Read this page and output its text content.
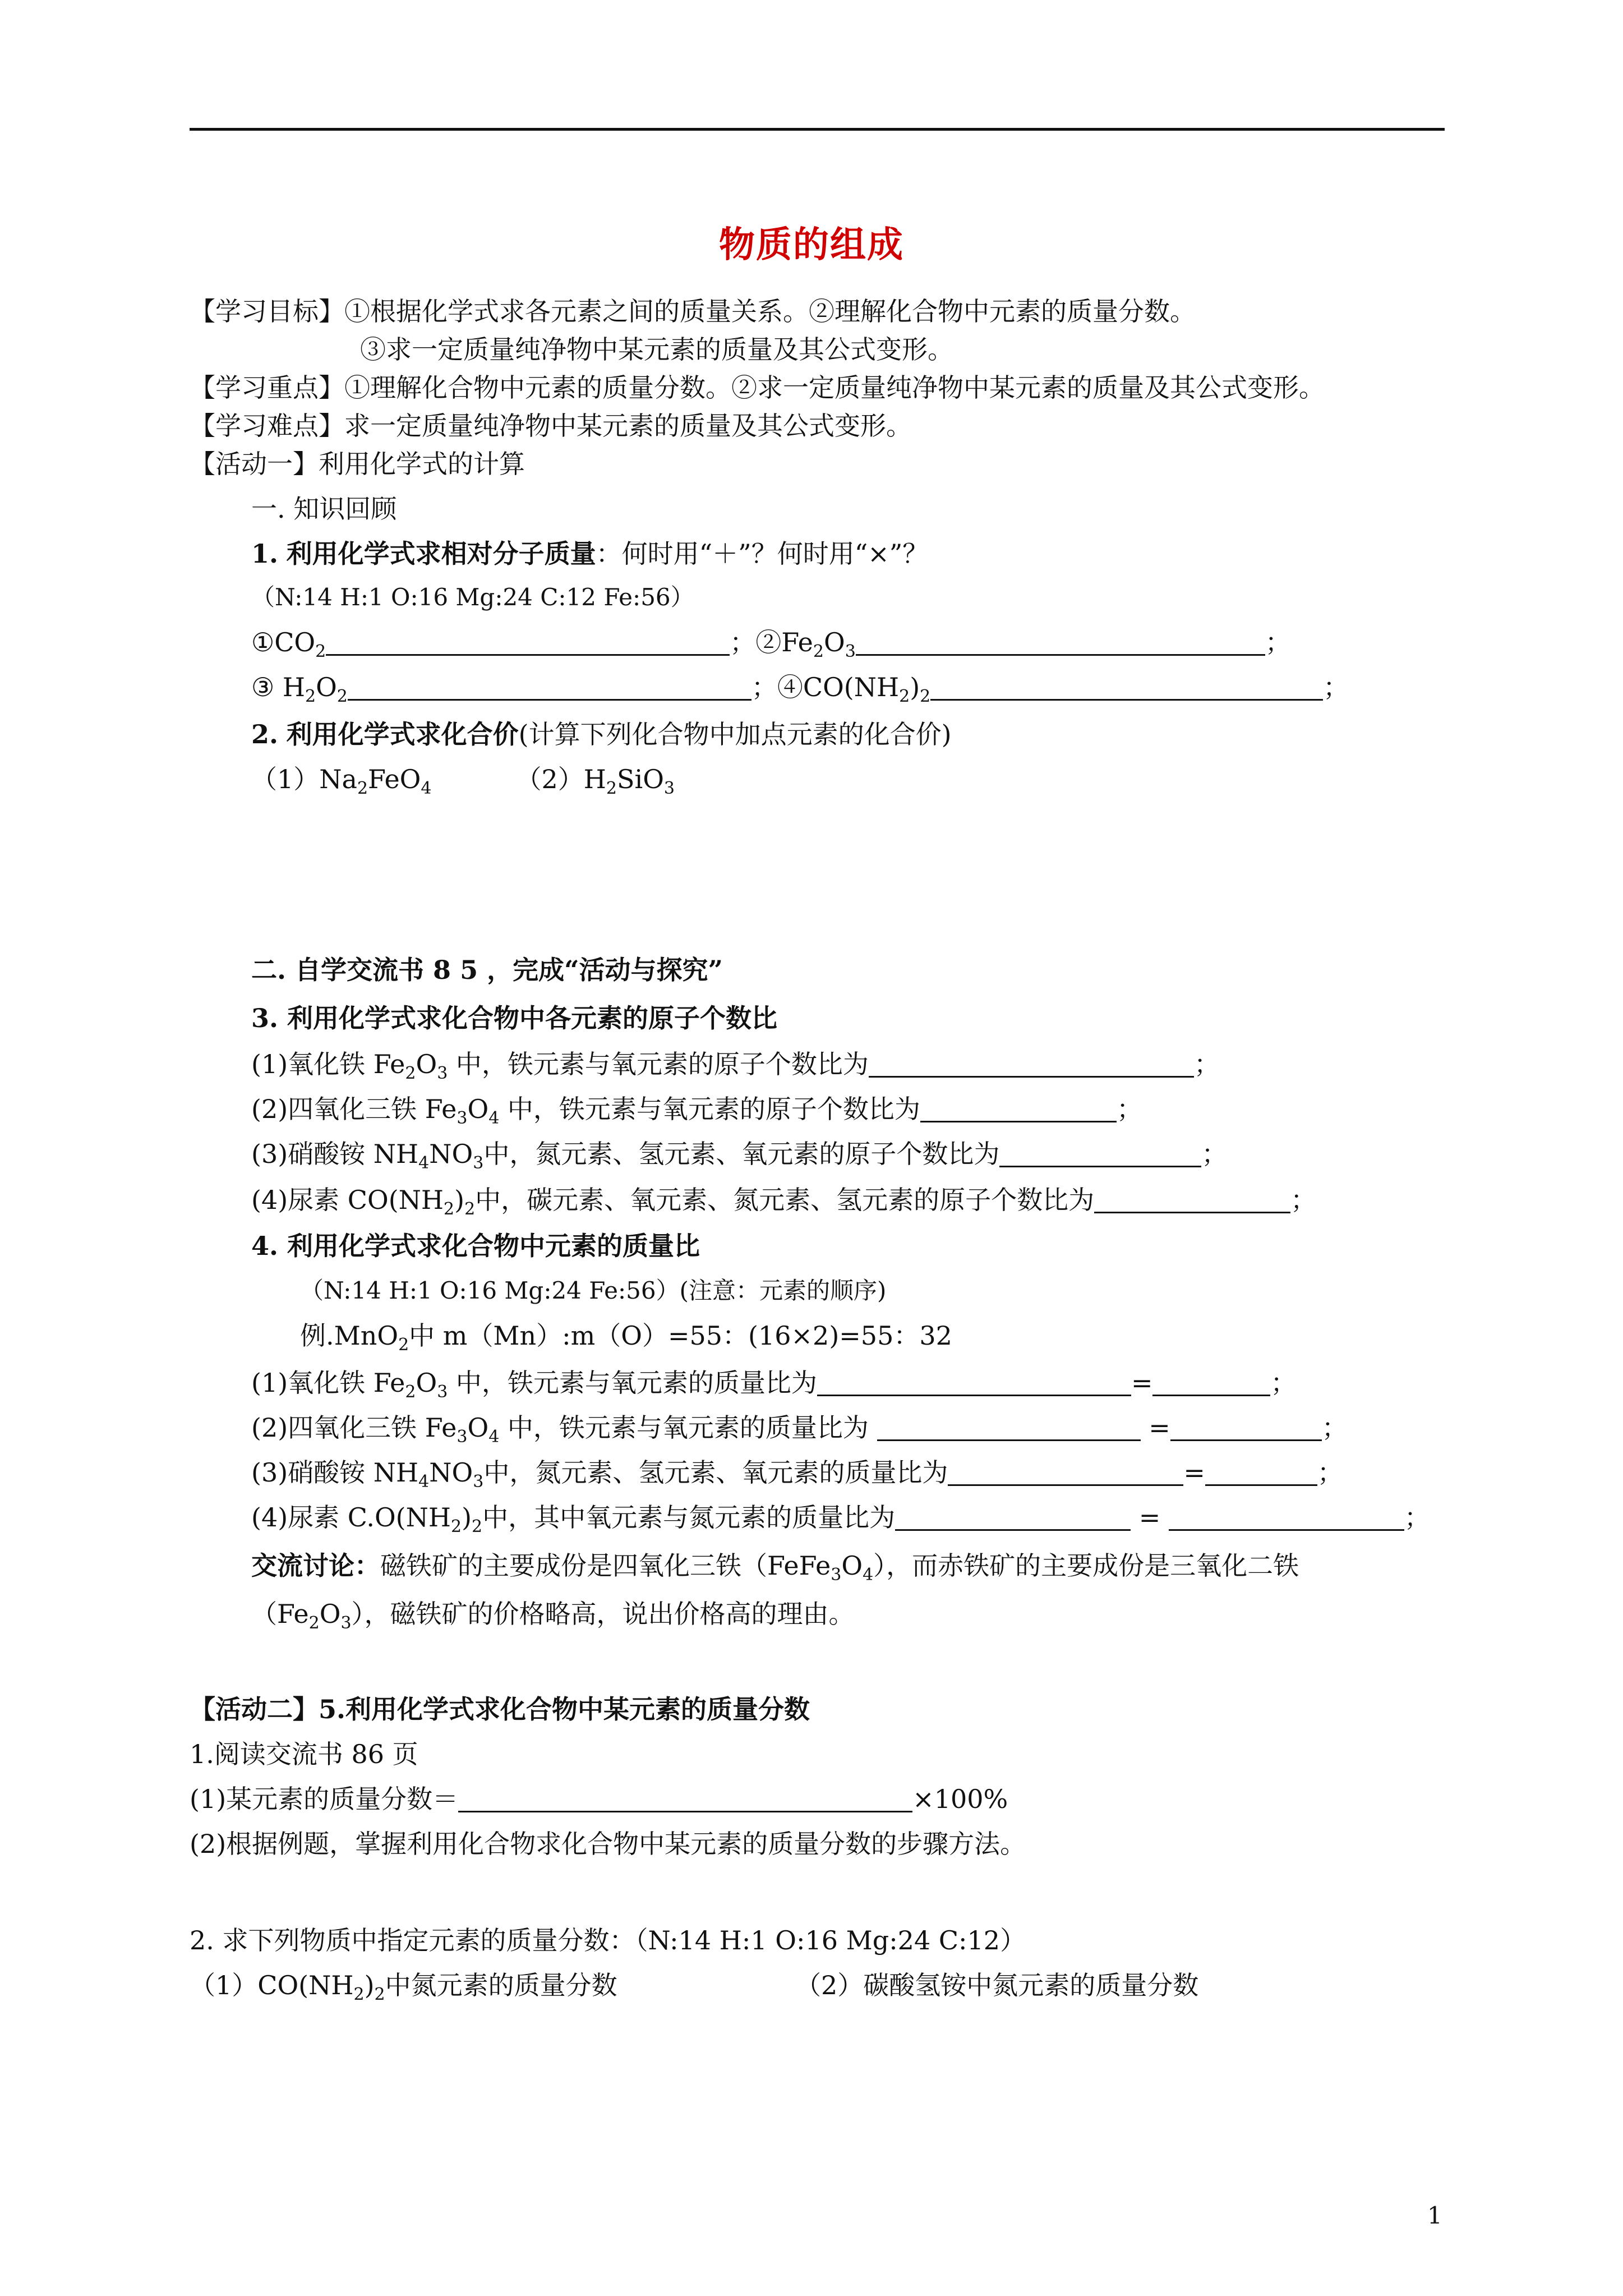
物质的组成
【学习目标】①根据化学式求各元素之间的质量关系。②理解化合物中元素的质量分数。
③求一定质量纯净物中某元素的质量及其公式变形。
【学习重点】①理解化合物中元素的质量分数。②求一定质量纯净物中某元素的质量及其公式变形。
【学习难点】求一定质量纯净物中某元素的质量及其公式变形。
【活动一】利用化学式的计算
一. 知识回顾
1. 利用化学式求相对分子质量：何时用“＋”？何时用“×”？
（N:14 H:1 O:16 Mg:24 C:12 Fe:56）
$①CO_2$	；$②Fe_2O_3$	；
③ $H_2O_2$	；$④CO(NH_2)_2$	；
2. 利用化学式求化合价(计算下列化合物中加点元素的化合价)
$(1)Na_2FeO_4$	$(2)H_2SiO_3$
二. 自学交流书 8 5 ，完成“活动与探究”
3. 利用化学式求化合物中各元素的原子个数比
(1)氧化铁 $Fe_2O_3$ 中，铁元素与氧元素的原子个数比为	；
(2)四氧化三铁 $Fe_3O_4$ 中，铁元素与氧元素的原子个数比为	；
(3)硝酸铵 $NH_4NO_3$中，氮元素、氢元素、氧元素的原子个数比为	；
(4)尿素 $CO(NH_2)_2$中，碳元素、氧元素、氮元素、氢元素的原子个数比为	；
4. 利用化学式求化合物中元素的质量比
（N:14 H:1 O:16 Mg:24 Fe:56）(注意：元素的顺序)
例.MnO$_2$中 m（Mn）:m（O）=55：(16×2)=55：32
(1)氧化铁 $Fe_2O_3$ 中，铁元素与氧元素的质量比为	=	；
(2)四氧化三铁 $Fe_3O_4$ 中，铁元素与氧元素的质量比为	=	；
(3)硝酸铵 $NH_4NO_3$中，氮元素、氢元素、氧元素的质量比为	=	；
(4)尿素 $C.O(NH_2)_2$中，其中氧元素与氮元素的质量比为	=	；
交流讨论：磁铁矿的主要成份是四氧化三铁$(FeFe_3O_4)$，而赤铁矿的主要成份是三氧化二铁
$(Fe_2O_3)$，磁铁矿的价格略高，说出价格高的理由。
【活动二】5.利用化学式求化合物中某元素的质量分数
1.阅读交流书 86 页
(1)某元素的质量分数＝	×100%
(2)根据例题，掌握利用化合物求化合物中某元素的质量分数的步骤方法。
2. 求下列物质中指定元素的质量分数：（N:14 H:1 O:16 Mg:24 C:12）
$(1)CO(NH_2)_2$中氮元素的质量分数	（2）碳酸氢铵中氮元素的质量分数
1
